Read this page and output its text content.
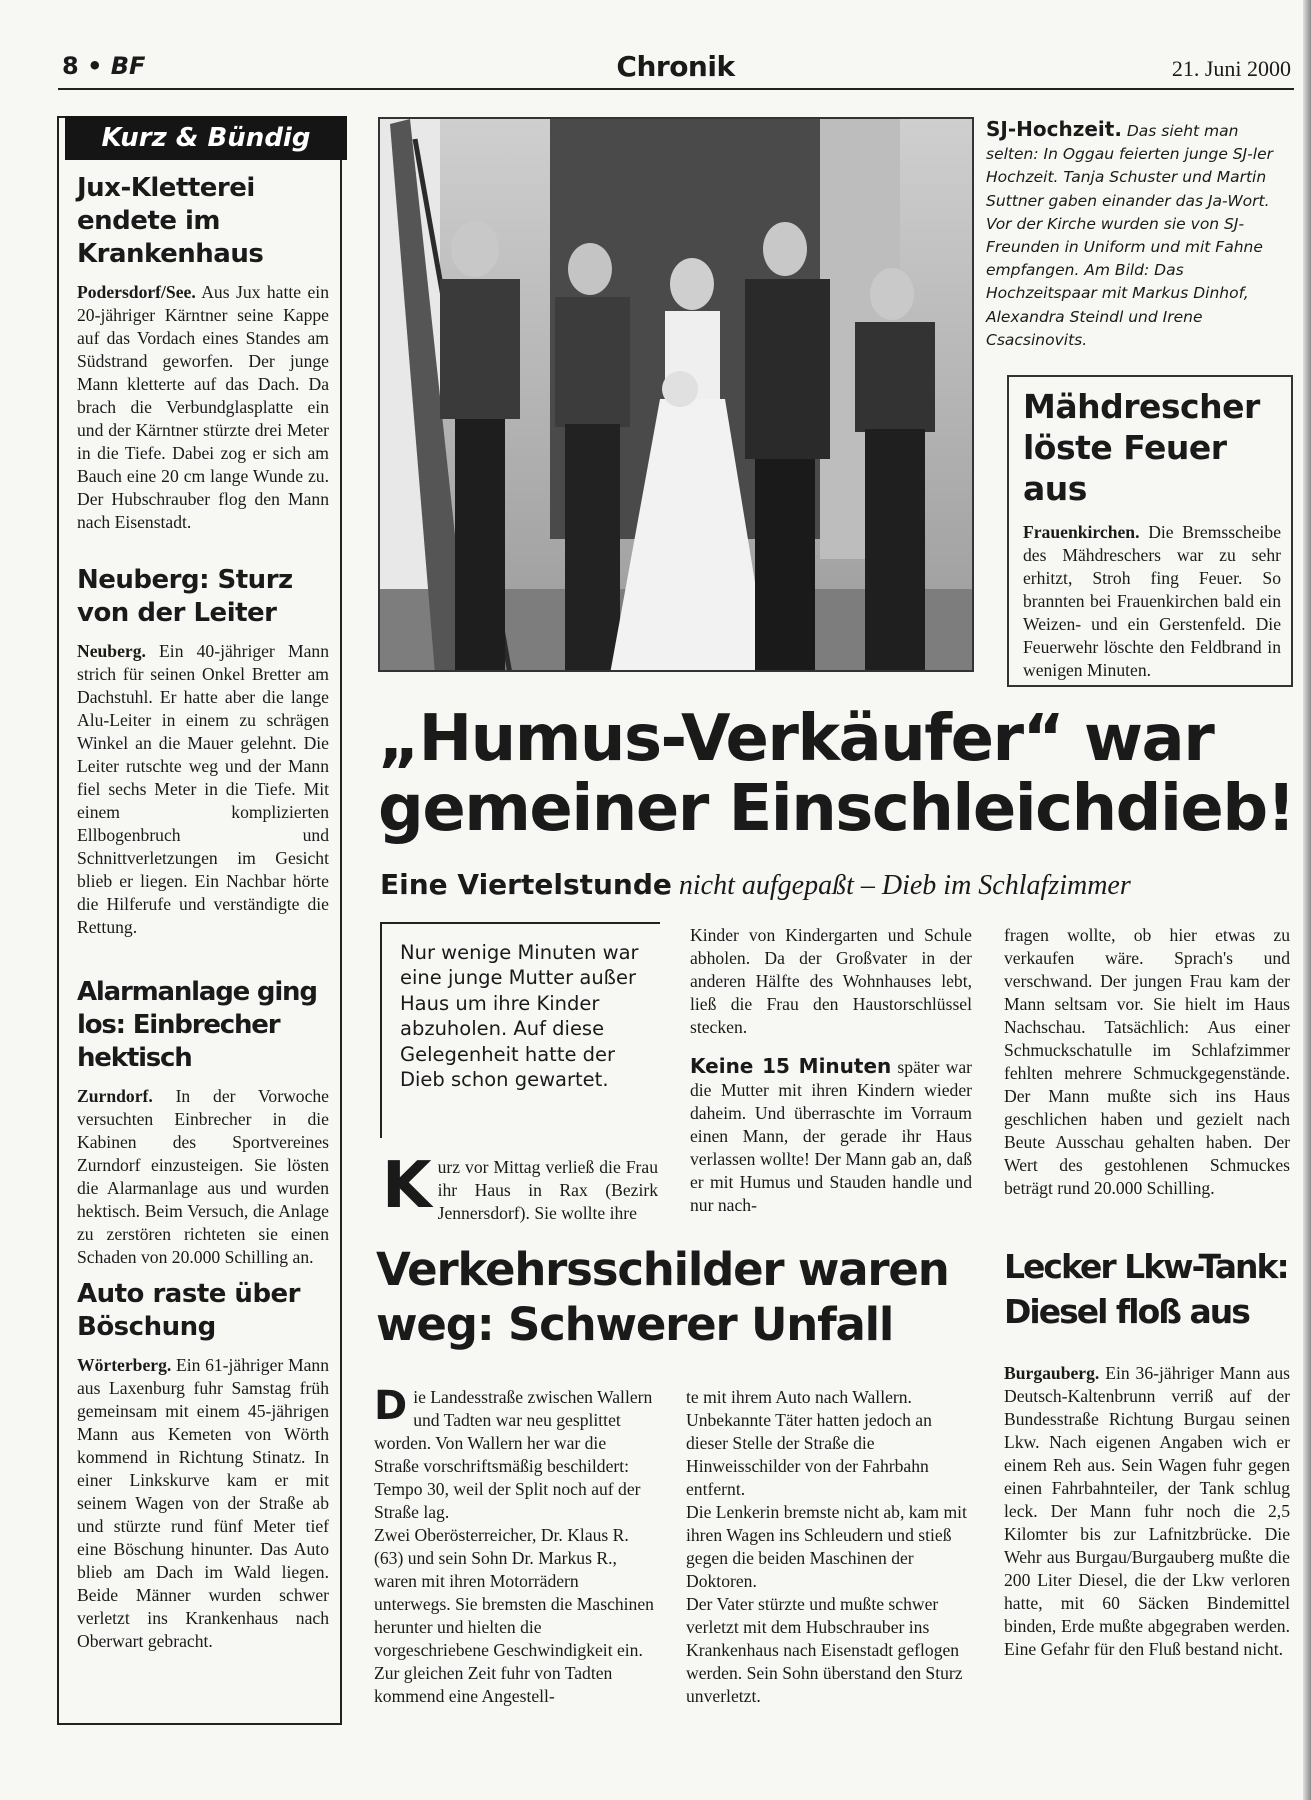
8 • BF	Chronik	21. Juni 2000
Kurz & Bündig
Jux-Kletterei endete im Krankenhaus
Podersdorf/See. Aus Jux hatte ein 20-jähriger Kärntner seine Kappe auf das Vordach eines Standes am Südstrand geworfen. Der junge Mann kletterte auf das Dach. Da brach die Verbundglasplatte ein und der Kärntner stürzte drei Meter in die Tiefe. Dabei zog er sich am Bauch eine 20 cm lange Wunde zu. Der Hubschrauber flog den Mann nach Eisenstadt.
Neuberg: Sturz von der Leiter
Neuberg. Ein 40-jähriger Mann strich für seinen Onkel Bretter am Dachstuhl. Er hatte aber die lange Alu-Leiter in einem zu schrägen Winkel an die Mauer gelehnt. Die Leiter rutschte weg und der Mann fiel sechs Meter in die Tiefe. Mit einem komplizierten Ellbogenbruch und Schnittverletzungen im Gesicht blieb er liegen. Ein Nachbar hörte die Hilferufe und verständigte die Rettung.
Alarmanlage ging los: Einbrecher hektisch
Zurndorf. In der Vorwoche versuchten Einbrecher in die Kabinen des Sportvereines Zurndorf einzusteigen. Sie lösten die Alarmanlage aus und wurden hektisch. Beim Versuch, die Anlage zu zerstören richteten sie einen Schaden von 20.000 Schilling an.
Auto raste über Böschung
Wörterberg. Ein 61-jähriger Mann aus Laxenburg fuhr Samstag früh gemeinsam mit einem 45-jährigen Mann aus Kemeten von Wörth kommend in Richtung Stinatz. In einer Linkskurve kam er mit seinem Wagen von der Straße ab und stürzte rund fünf Meter tief eine Böschung hinunter. Das Auto blieb am Dach im Wald liegen. Beide Männer wurden schwer verletzt ins Krankenhaus nach Oberwart gebracht.
SJ-Hochzeit. Das sieht man selten: In Oggau feierten junge SJ-ler Hochzeit. Tanja Schuster und Martin Suttner gaben einander das Ja-Wort. Vor der Kirche wurden sie von SJ-Freunden in Uniform und mit Fahne empfangen. Am Bild: Das Hochzeitspaar mit Markus Dinhof, Alexandra Steindl und Irene Csacsinovits.
Mähdrescher löste Feuer aus
Frauenkirchen. Die Bremsscheibe des Mähdreschers war zu sehr erhitzt, Stroh fing Feuer. So brannten bei Frauenkirchen bald ein Weizen- und ein Gerstenfeld. Die Feuerwehr löschte den Feldbrand in wenigen Minuten.
„Humus-Verkäufer“ war
gemeiner Einschleichdieb!
Eine Viertelstunde nicht aufgepaßt – Dieb im Schlafzimmer
Nur wenige Minuten war eine junge Mutter außer Haus um ihre Kinder abzuholen. Auf diese Gelegenheit hatte der Dieb schon gewartet.
Kurz vor Mittag verließ die Frau ihr Haus in Rax (Bezirk Jennersdorf). Sie wollte ihre
Kinder von Kindergarten und Schule abholen. Da der Großvater in der anderen Hälfte des Wohnhauses lebt, ließ die Frau den Haustorschlüssel stecken.
Keine 15 Minuten später war die Mutter mit ihren Kindern wieder daheim. Und überraschte im Vorraum einen Mann, der gerade ihr Haus verlassen wollte! Der Mann gab an, daß er mit Humus und Stauden handle und nur nach-
fragen wollte, ob hier etwas zu verkaufen wäre. Sprach's und verschwand. Der jungen Frau kam der Mann seltsam vor. Sie hielt im Haus Nachschau. Tatsächlich: Aus einer Schmuckschatulle im Schlafzimmer fehlten mehrere Schmuckgegenstände. Der Mann mußte sich ins Haus geschlichen haben und gezielt nach Beute Ausschau gehalten haben. Der Wert des gestohlenen Schmuckes beträgt rund 20.000 Schilling.
Verkehrsschilder waren
weg: Schwerer Unfall
Die Landesstraße zwischen Wallern und Tadten war neu gesplittet worden. Von Wallern her war die Straße vorschriftsmäßig beschildert: Tempo 30, weil der Split noch auf der Straße lag.
Zwei Oberösterreicher, Dr. Klaus R. (63) und sein Sohn Dr. Markus R., waren mit ihren Motorrädern unterwegs. Sie bremsten die Maschinen herunter und hielten die vorgeschriebene Geschwindigkeit ein. Zur gleichen Zeit fuhr von Tadten kommend eine Angestell-
te mit ihrem Auto nach Wallern. Unbekannte Täter hatten jedoch an dieser Stelle der Straße die Hinweisschilder von der Fahrbahn entfernt.
Die Lenkerin bremste nicht ab, kam mit ihren Wagen ins Schleudern und stieß gegen die beiden Maschinen der Doktoren.
Der Vater stürzte und mußte schwer verletzt mit dem Hubschrauber ins Krankenhaus nach Eisenstadt geflogen werden. Sein Sohn überstand den Sturz unverletzt.
Lecker Lkw-Tank:
Diesel floß aus
Burgauberg. Ein 36-jähriger Mann aus Deutsch-Kaltenbrunn verriß auf der Bundesstraße Richtung Burgau seinen Lkw. Nach eigenen Angaben wich er einem Reh aus. Sein Wagen fuhr gegen einen Fahrbahnteiler, der Tank schlug leck. Der Mann fuhr noch die 2,5 Kilomter bis zur Lafnitzbrücke. Die Wehr aus Burgau/Burgauberg mußte die 200 Liter Diesel, die der Lkw verloren hatte, mit 60 Säcken Bindemittel binden, Erde mußte abgegraben werden. Eine Gefahr für den Fluß bestand nicht.
